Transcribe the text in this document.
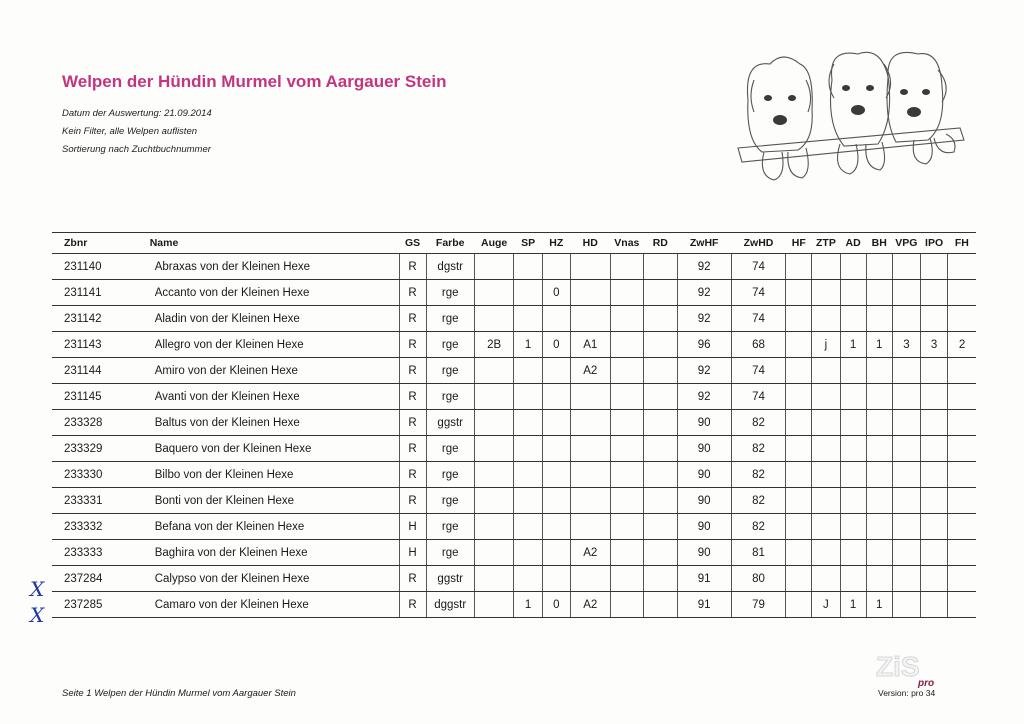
Welpen der Hündin Murmel vom Aargauer Stein
Datum der Auswertung: 21.09.2014
Kein Filter, alle Welpen auflisten
Sortierung nach Zuchtbuchnummer
Zbnr	Name	GS	Farbe	Auge	SP	HZ	HD	Vnas	RD	ZwHF	ZwHD	HF	ZTP	AD	BH	VPG	IPO	FH
231140	Abraxas von der Kleinen Hexe	R	dgstr							92	74							
231141	Accanto von der Kleinen Hexe	R	rge			0				92	74							
231142	Aladin von der Kleinen Hexe	R	rge							92	74							
231143	Allegro von der Kleinen Hexe	R	rge	2B	1	0	A1			96	68		j	1	1	3	3	2
231144	Amiro von der Kleinen Hexe	R	rge				A2			92	74							
231145	Avanti von der Kleinen Hexe	R	rge							92	74							
233328	Baltus von der Kleinen Hexe	R	ggstr							90	82							
233329	Baquero von der Kleinen Hexe	R	rge							90	82							
233330	Bilbo von der Kleinen Hexe	R	rge							90	82							
233331	Bonti von der Kleinen Hexe	R	rge							90	82							
233332	Befana von der Kleinen Hexe	H	rge							90	82							
233333	Baghira von der Kleinen Hexe	H	rge				A2			90	81							
237284	Calypso von der Kleinen Hexe	R	ggstr							91	80							
237285	Camaro von der Kleinen Hexe	R	dggstr		1	0	A2			91	79		J	1	1			
X
X
Seite 1 Welpen der Hündin Murmel vom Aargauer Stein
ZiS
pro
Version: pro 34
